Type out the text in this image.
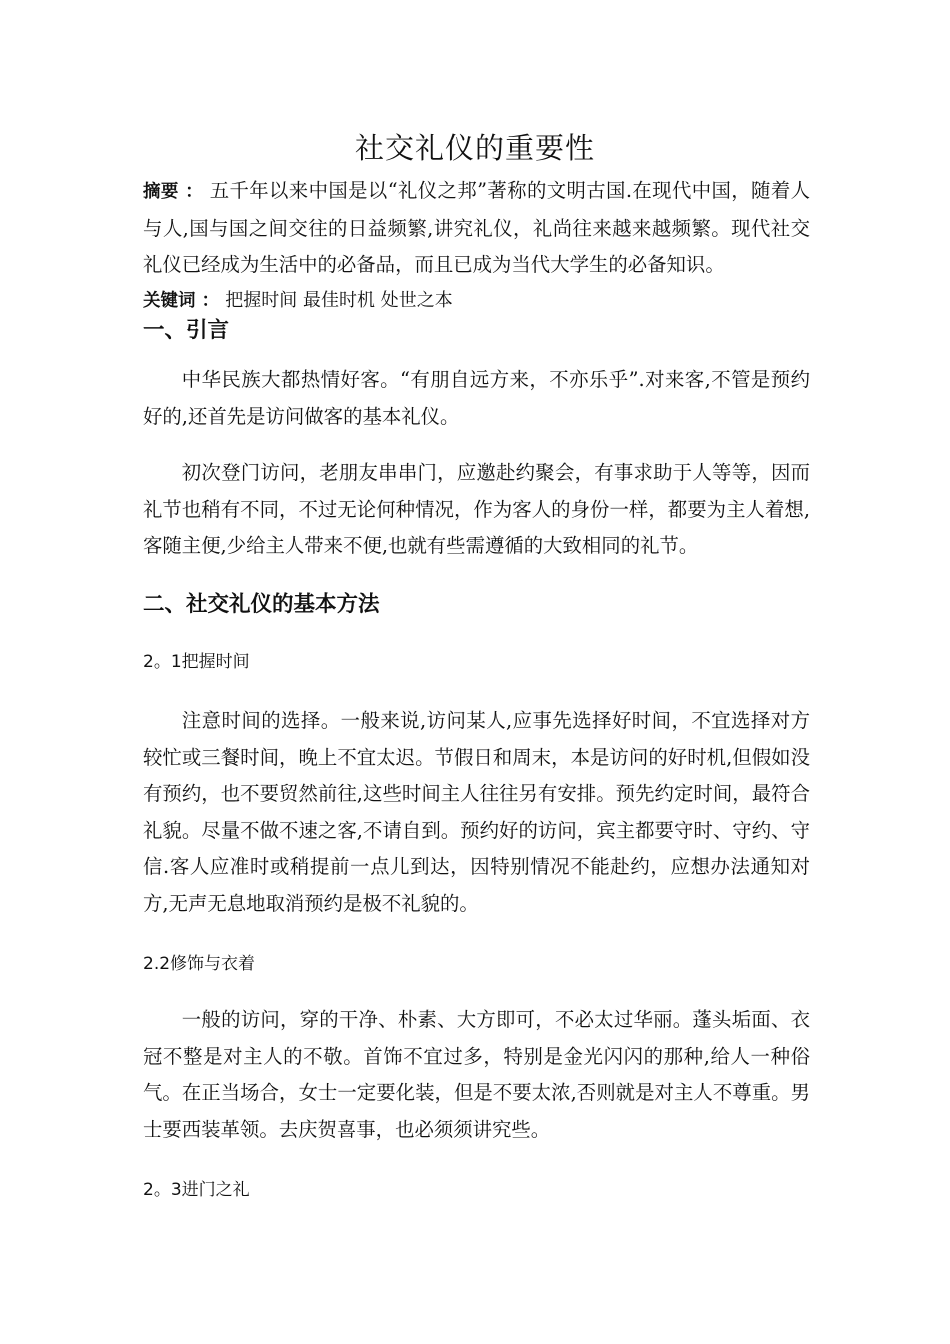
社交礼仪的重要性
摘要 ： 五千年以来中国是以“礼仪之邦”著称的文明古国.在现代中国，随着人与人,国与国之间交往的日益频繁,讲究礼仪，礼尚往来越来越频繁。现代社交礼仪已经成为生活中的必备品，而且已成为当代大学生的必备知识。
关键词 ： 把握时间 最佳时机 处世之本
一、引言
中华民族大都热情好客。“有朋自远方来，不亦乐乎”.对来客,不管是预约好的,还首先是访问做客的基本礼仪。
初次登门访问，老朋友串串门，应邀赴约聚会，有事求助于人等等，因而礼节也稍有不同，不过无论何种情况，作为客人的身份一样，都要为主人着想,客随主便,少给主人带来不便,也就有些需遵循的大致相同的礼节。
二、社交礼仪的基本方法
2。1把握时间
注意时间的选择。一般来说,访问某人,应事先选择好时间，不宜选择对方较忙或三餐时间，晚上不宜太迟。节假日和周末，本是访问的好时机,但假如没有预约，也不要贸然前往,这些时间主人往往另有安排。预先约定时间，最符合礼貌。尽量不做不速之客,不请自到。预约好的访问，宾主都要守时、守约、守信.客人应准时或稍提前一点儿到达，因特别情况不能赴约，应想办法通知对方,无声无息地取消预约是极不礼貌的。
2.2修饰与衣着
一般的访问，穿的干净、朴素、大方即可，不必太过华丽。蓬头垢面、衣冠不整是对主人的不敬。首饰不宜过多，特别是金光闪闪的那种,给人一种俗气。在正当场合，女士一定要化装，但是不要太浓,否则就是对主人不尊重。男士要西装革领。去庆贺喜事，也必须须讲究些。
2。3进门之礼
